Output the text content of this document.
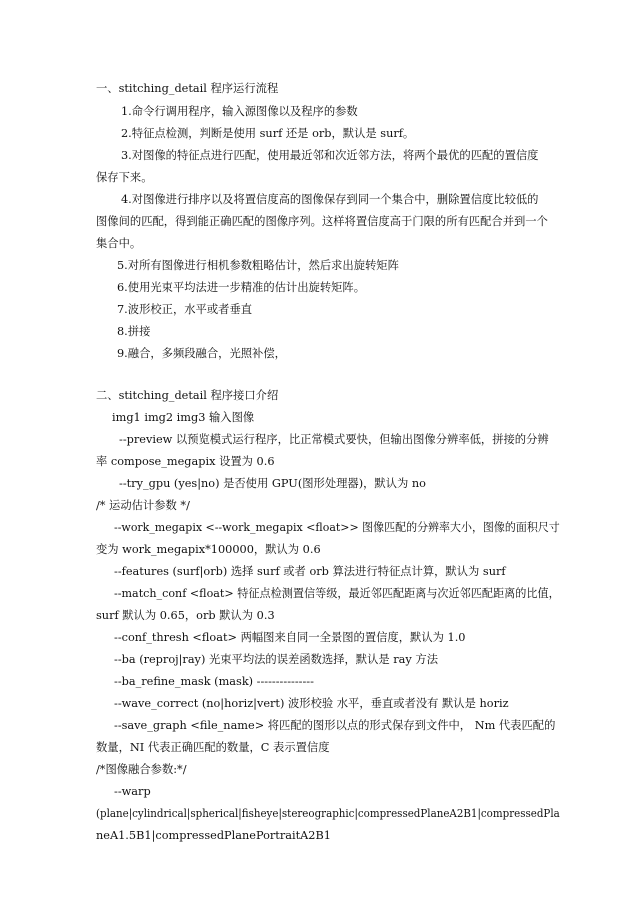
一、stitching_detail 程序运行流程
1.命令行调用程序，输入源图像以及程序的参数
2.特征点检测，判断是使用 surf 还是 orb，默认是 surf。
3.对图像的特征点进行匹配，使用最近邻和次近邻方法，将两个最优的匹配的置信度
保存下来。
4.对图像进行排序以及将置信度高的图像保存到同一个集合中，删除置信度比较低的
图像间的匹配，得到能正确匹配的图像序列。这样将置信度高于门限的所有匹配合并到一个
集合中。
5.对所有图像进行相机参数粗略估计，然后求出旋转矩阵
6.使用光束平均法进一步精准的估计出旋转矩阵。
7.波形校正，水平或者垂直
8.拼接
9.融合，多频段融合，光照补偿，
二、stitching_detail 程序接口介绍
img1 img2 img3 输入图像
--preview 以预览模式运行程序，比正常模式要快，但输出图像分辨率低，拼接的分辨
率 compose_megapix 设置为 0.6
--try_gpu (yes|no) 是否使用 GPU(图形处理器)，默认为 no
/* 运动估计参数 */
--work_megapix <--work_megapix <float>> 图像匹配的分辨率大小，图像的面积尺寸
变为 work_megapix*100000，默认为 0.6
--features (surf|orb) 选择 surf 或者 orb 算法进行特征点计算，默认为 surf
--match_conf <float> 特征点检测置信等级，最近邻匹配距离与次近邻匹配距离的比值，
surf 默认为 0.65，orb 默认为 0.3
--conf_thresh <float> 两幅图来自同一全景图的置信度，默认为 1.0
--ba (reproj|ray) 光束平均法的误差函数选择，默认是 ray 方法
--ba_refine_mask (mask) ---------------
--wave_correct (no|horiz|vert) 波形校验 水平，垂直或者没有 默认是 horiz
--save_graph <file_name> 将匹配的图形以点的形式保存到文件中， Nm 代表匹配的
数量，NI 代表正确匹配的数量，C 表示置信度
/*图像融合参数:*/
--warp
(plane|cylindrical|spherical|fisheye|stereographic|compressedPlaneA2B1|compressedPla
neA1.5B1|compressedPlanePortraitA2B1
